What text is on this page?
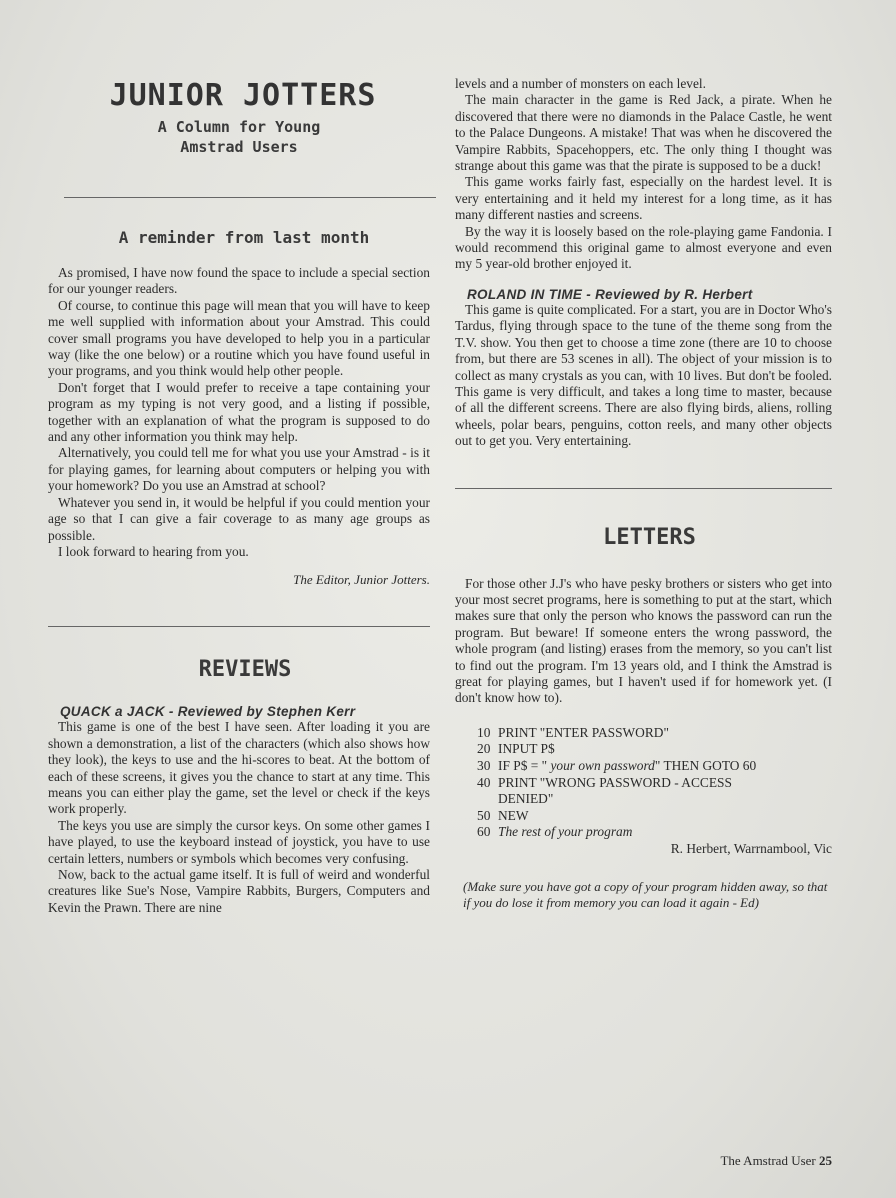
JUNIOR JOTTERS
A Column for Young
Amstrad Users
A reminder from last month

As promised, I have now found the space to include a special section for our younger readers.

Of course, to continue this page will mean that you will have to keep me well supplied with information about your Amstrad. This could cover small programs you have developed to help you in a particular way (like the one below) or a routine which you have found useful in your programs, and you think would help other people.

Don't forget that I would prefer to receive a tape containing your program as my typing is not very good, and a listing if possible, together with an explanation of what the program is supposed to do and any other information you think may help.

Alternatively, you could tell me for what you use your Amstrad - is it for playing games, for learning about computers or helping you with your homework? Do you use an Amstrad at school?

Whatever you send in, it would be helpful if you could mention your age so that I can give a fair coverage to as many age groups as possible.

I look forward to hearing from you.

The Editor, Junior Jotters.
REVIEWS
QUACK a JACK - Reviewed by Stephen Kerr

This game is one of the best I have seen. After loading it you are shown a demonstration, a list of the characters (which also shows how they look), the keys to use and the hi-scores to beat. At the bottom of each of these screens, it gives you the chance to start at any time. This means you can either play the game, set the level or check if the keys work properly.

The keys you use are simply the cursor keys. On some other games I have played, to use the keyboard instead of joystick, you have to use certain letters, numbers or symbols which becomes very confusing.

Now, back to the actual game itself. It is full of weird and wonderful creatures like Sue's Nose, Vampire Rabbits, Burgers, Computers and Kevin the Prawn. There are nine

levels and a number of monsters on each level.

The main character in the game is Red Jack, a pirate. When he discovered that there were no diamonds in the Palace Castle, he went to the Palace Dungeons. A mistake! That was when he discovered the Vampire Rabbits, Spacehoppers, etc. The only thing I thought was strange about this game was that the pirate is supposed to be a duck!

This game works fairly fast, especially on the hardest level. It is very entertaining and it held my interest for a long time, as it has many different nasties and screens.

By the way it is loosely based on the role-playing game Fandonia. I would recommend this original game to almost everyone and even my 5 year-old brother enjoyed it.

ROLAND IN TIME - Reviewed by R. Herbert

This game is quite complicated. For a start, you are in Doctor Who's Tardus, flying through space to the tune of the theme song from the T.V. show. You then get to choose a time zone (there are 10 to choose from, but there are 53 scenes in all). The object of your mission is to collect as many crystals as you can, with 10 lives. But don't be fooled. This game is very difficult, and takes a long time to master, because of all the different screens. There are also flying birds, aliens, rolling wheels, polar bears, penguins, cotton reels, and many other objects out to get you. Very entertaining.

LETTERS

For those other J.J's who have pesky brothers or sisters who get into your most secret programs, here is something to put at the start, which makes sure that only the person who knows the password can run the program. But beware! If someone enters the wrong password, the whole program (and listing) erases from the memory, so you can't list to find out the program. I'm 13 years old, and I think the Amstrad is great for playing games, but I haven't used if for homework yet. (I don't know how to).

10 PRINT "ENTER PASSWORD"
20 INPUT P$
30 IF P$ = " your own password" THEN GOTO 60
40 PRINT "WRONG PASSWORD - ACCESS DENIED"
50 NEW
60 The rest of your program
R. Herbert, Warrnambool, Vic
(Make sure you have got a copy of your program hidden away, so that if you do lose it from memory you can load it again - Ed)
The Amstrad User 25
